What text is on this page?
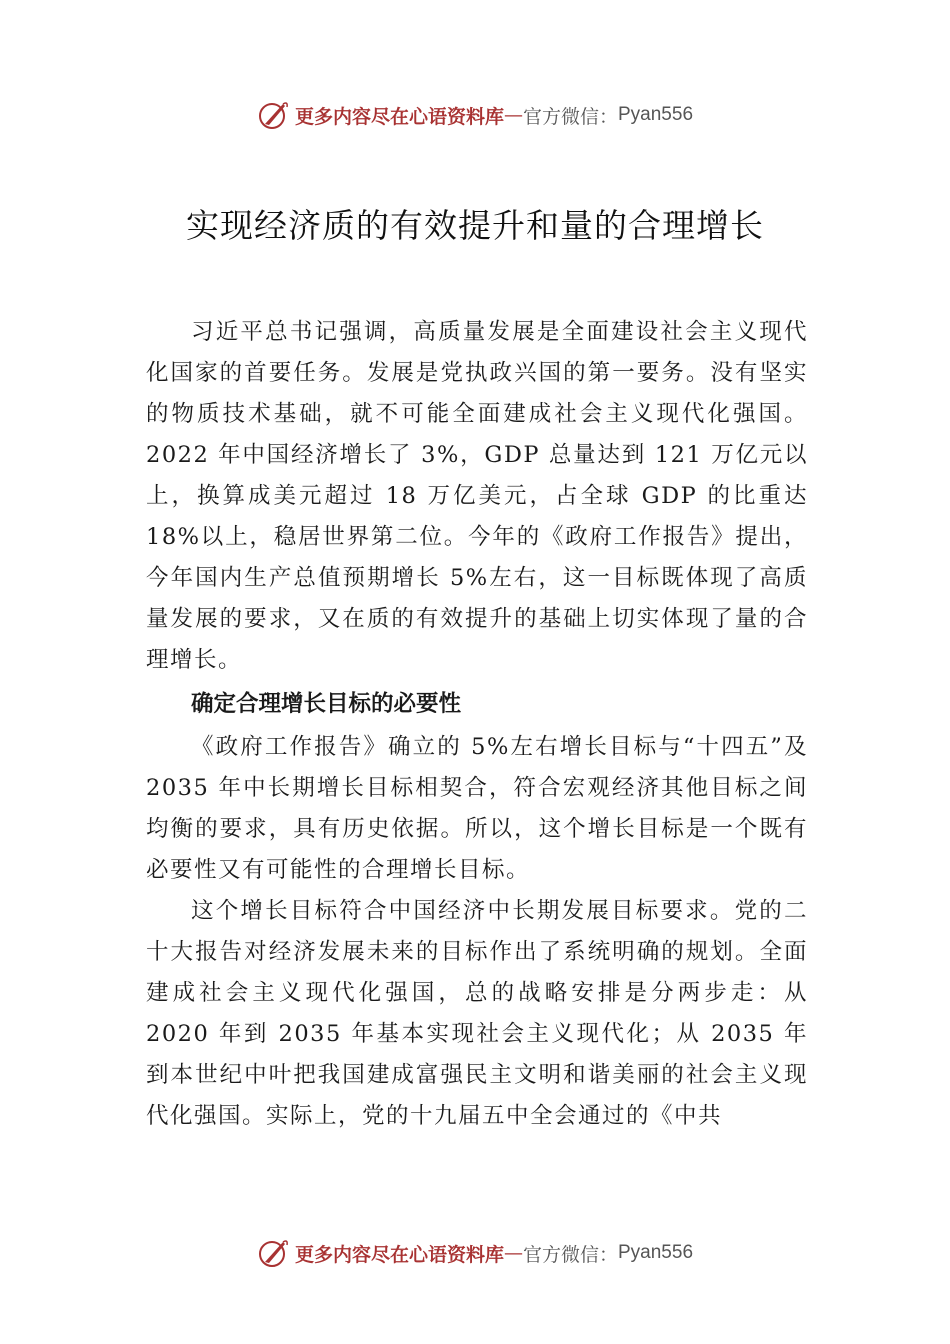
更多内容尽在心语资料库 — 官方微信： Pyan556
实现经济质的有效提升和量的合理增长

习近平总书记强调，高质量发展是全面建设社会主义现代化国家的首要任务。发展是党执政兴国的第一要务。没有坚实的物质技术基础，就不可能全面建成社会主义现代化强国。2022 年中国经济增长了 3%，GDP 总量达到 121 万亿元以上，换算成美元超过 18 万亿美元，占全球 GDP 的比重达 18%以上，稳居世界第二位。今年的《政府工作报告》提出，今年国内生产总值预期增长 5%左右，这一目标既体现了高质量发展的要求，又在质的有效提升的基础上切实体现了量的合理增长。

确定合理增长目标的必要性

《政府工作报告》确立的 5%左右增长目标与“十四五”及 2035 年中长期增长目标相契合，符合宏观经济其他目标之间均衡的要求，具有历史依据。所以，这个增长目标是一个既有必要性又有可能性的合理增长目标。

这个增长目标符合中国经济中长期发展目标要求。党的二十大报告对经济发展未来的目标作出了系统明确的规划。全面建成社会主义现代化强国，总的战略安排是分两步走：从 2020 年到 2035 年基本实现社会主义现代化；从 2035 年到本世纪中叶把我国建成富强民主文明和谐美丽的社会主义现代化强国。实际上，党的十九届五中全会通过的《中共

更多内容尽在心语资料库 — 官方微信： Pyan556
